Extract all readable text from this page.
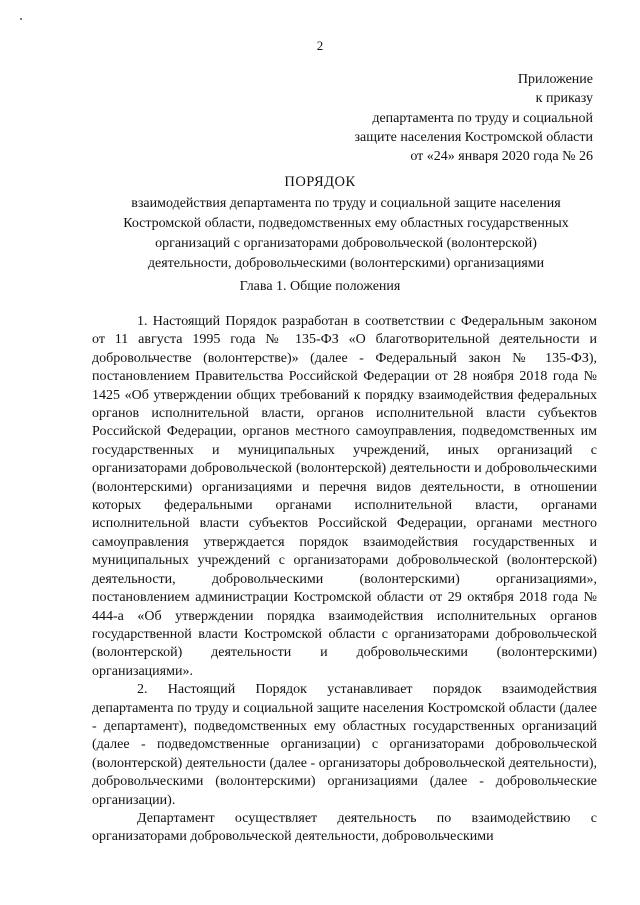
2
Приложение
к приказу
департамента по труду и социальной
защите населения Костромской области
от «24» января 2020 года № 26
ПОРЯДОК
взаимодействия департамента по труду и социальной защите населения
Костромской области, подведомственных ему областных государственных
организаций с организаторами добровольческой (волонтерской)
деятельности, добровольческими (волонтерскими) организациями
Глава 1. Общие положения

1. Настоящий Порядок разработан в соответствии с Федеральным законом от 11 августа 1995 года № 135-ФЗ «О благотворительной деятельности и добровольчестве (волонтерстве)» (далее - Федеральный закон № 135-ФЗ), постановлением Правительства Российской Федерации от 28 ноября 2018 года № 1425 «Об утверждении общих требований к порядку взаимодействия федеральных органов исполнительной власти, органов исполнительной власти субъектов Российской Федерации, органов местного самоуправления, подведомственных им государственных и муниципальных учреждений, иных организаций с организаторами добровольческой (волонтерской) деятельности и добровольческими (волонтерскими) организациями и перечня видов деятельности, в отношении которых федеральными органами исполнительной власти, органами исполнительной власти субъектов Российской Федерации, органами местного самоуправления утверждается порядок взаимодействия государственных и муниципальных учреждений с организаторами добровольческой (волонтерской) деятельности, добровольческими (волонтерскими) организациями», постановлением администрации Костромской области от 29 октября 2018 года № 444-а «Об утверждении порядка взаимодействия исполнительных органов государственной власти Костромской области с организаторами добровольческой (волонтерской) деятельности и добровольческими (волонтерскими) организациями».

2. Настоящий Порядок устанавливает порядок взаимодействия департамента по труду и социальной защите населения Костромской области (далее - департамент), подведомственных ему областных государственных организаций (далее - подведомственные организации) с организаторами добровольческой (волонтерской) деятельности (далее - организаторы добровольческой деятельности), добровольческими (волонтерскими) организациями (далее - добровольческие организации).

Департамент осуществляет деятельность по взаимодействию с организаторами добровольческой деятельности, добровольческими
